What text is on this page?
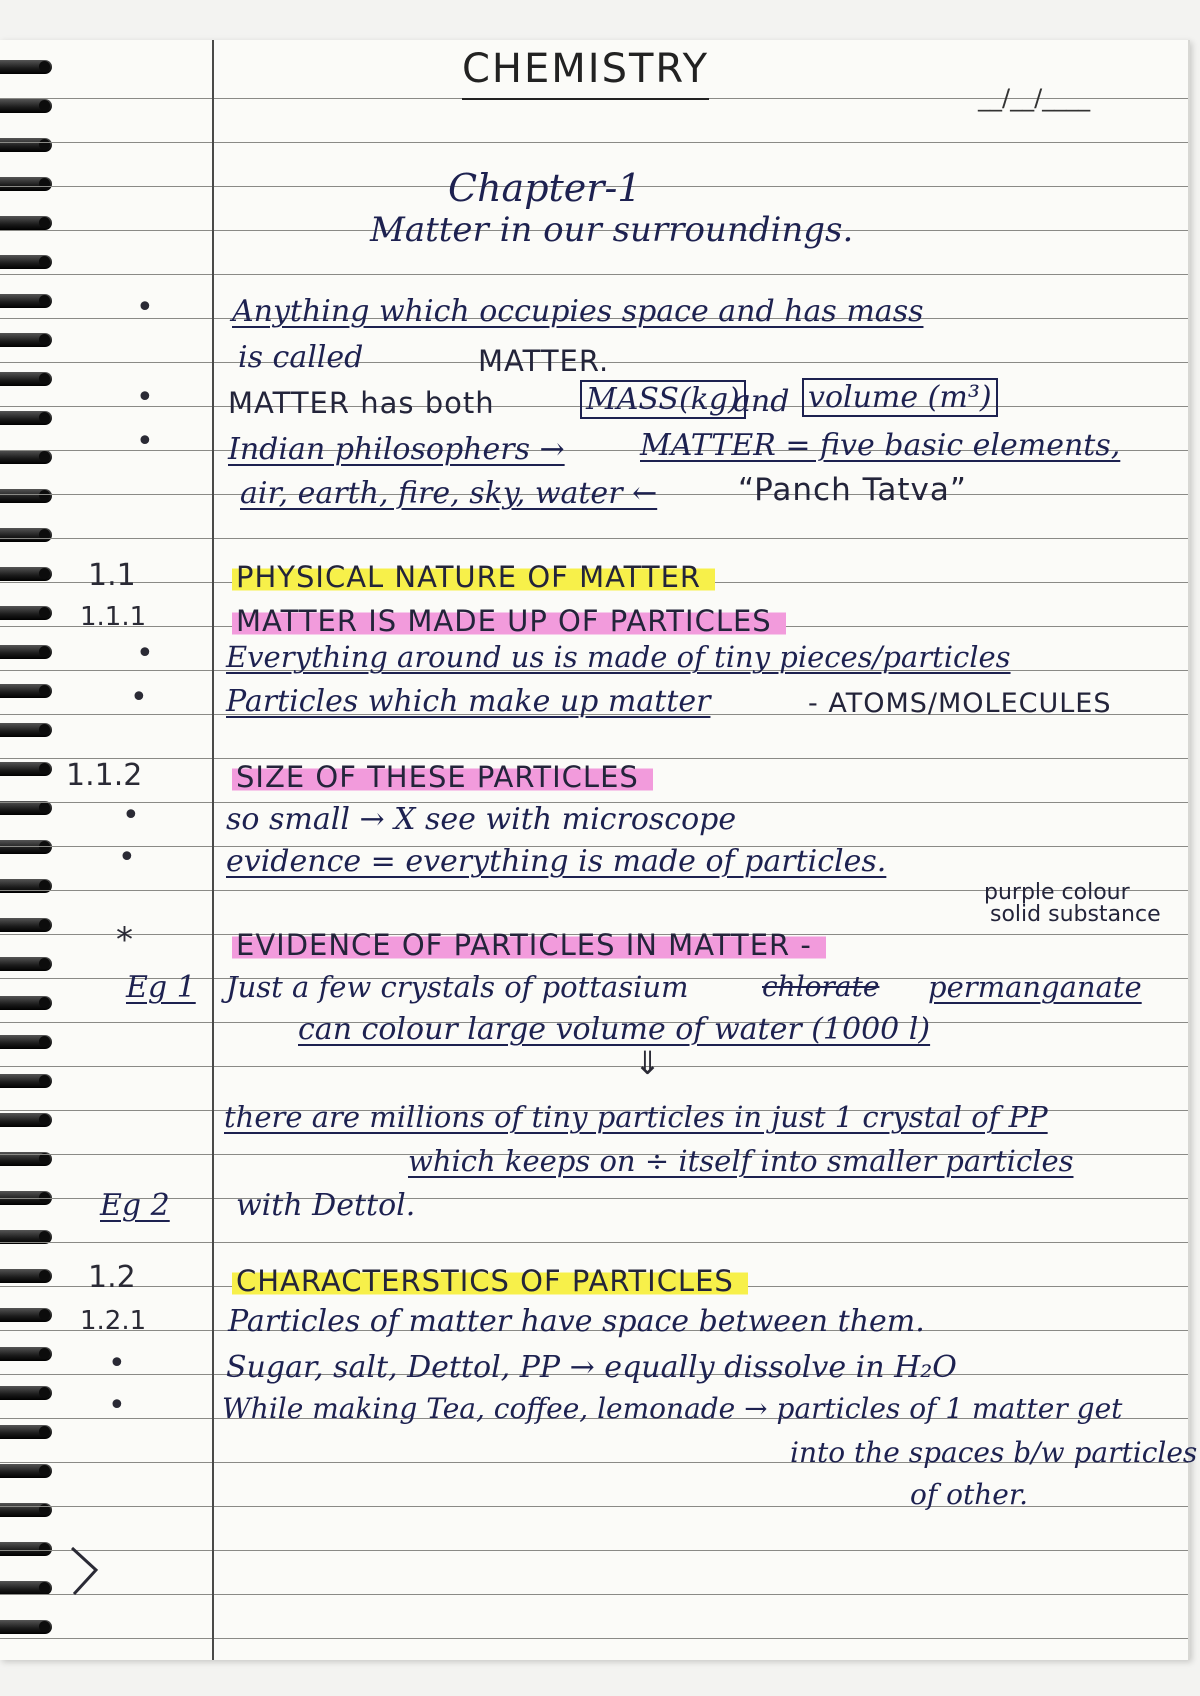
CHEMISTRY
__/__/____
Chapter-1
Matter in our surroundings.
•	Anything which occupies space and has mass
is called	MATTER.
•	MATTER has both	MASS(kg)
and volume (m³)
• Indian philosophers →	MATTER = five basic elements,
air, earth, fire, sky, water ←	“Panch Tatva”
1.1	PHYSICAL NATURE OF MATTER
1.1.1	MATTER IS MADE UP OF PARTICLES
• Everything around us is made of tiny pieces/particles
•	Particles which make up matter	- ATOMS/MOLECULES
1.1.2	SIZE OF THESE PARTICLES
•	so small → X see with microscope
•	evidence = everything is made of particles.
*	EVIDENCE OF PARTICLES IN MATTER -
purple colour
solid substance
Eg 1 Just a few crystals of pottasium	chlorate permanganate
can colour large volume of water (1000 l)
⇓
there are millions of tiny particles in just 1 crystal of PP
which keeps on ÷ itself into smaller particles
Eg 2 with Dettol.
1.2	CHARACTERSTICS OF PARTICLES
1.2.1	Particles of matter have space between them.
•	Sugar, salt, Dettol, PP → equally dissolve in H₂O
•	While making Tea, coffee, lemonade → particles of 1 matter get
into the spaces b/w particles
of other.
